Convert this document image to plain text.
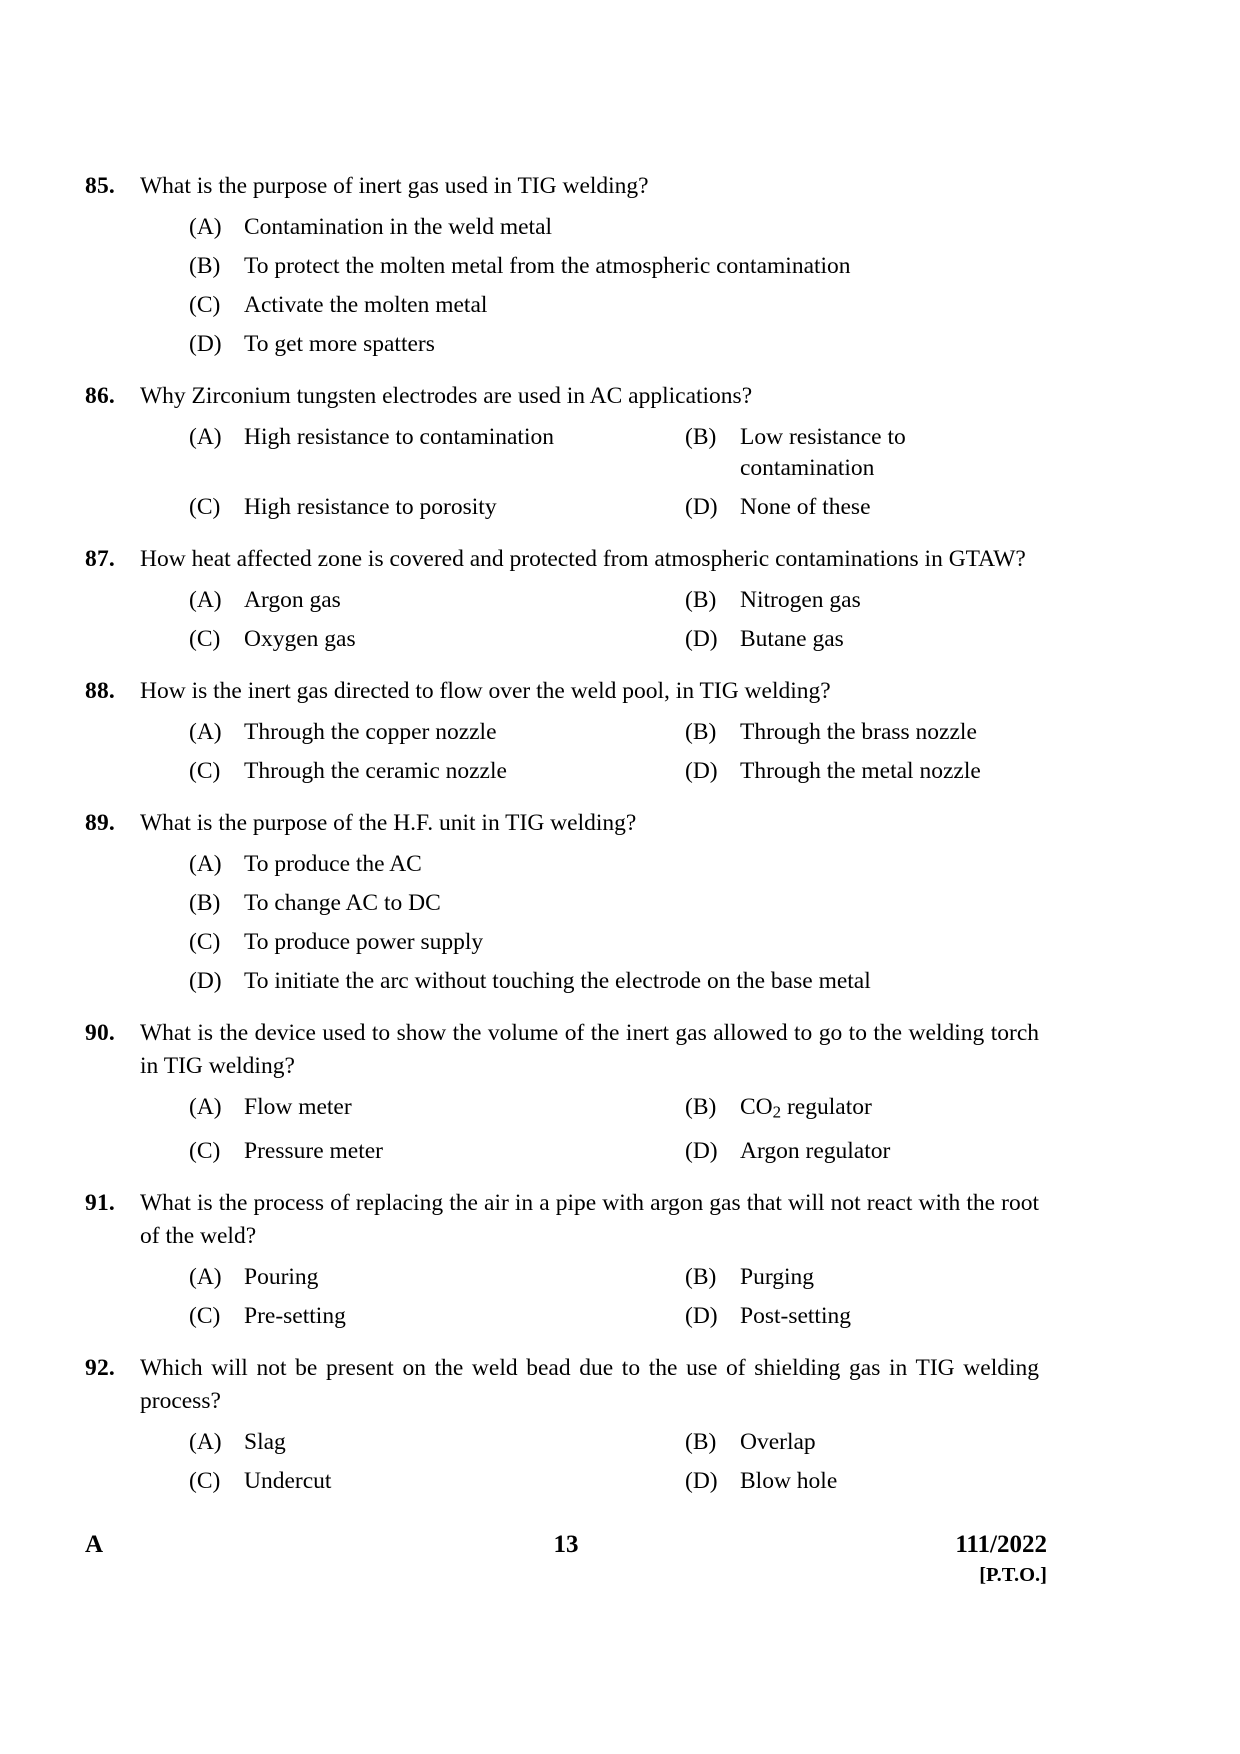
85.	What is the purpose of inert gas used in TIG welding?
(A) Contamination in the weld metal
(B)	To protect the molten metal from the atmospheric contamination
(C)	Activate the molten metal
(D) To get more spatters
86.	Why Zirconium tungsten electrodes are used in AC applications?
(A) High resistance to contamination	(B)	Low resistance to contamination
(C)	High resistance to porosity	(D) None of these
87.	How heat affected zone is covered and protected from atmospheric contaminations in GTAW?
(A) Argon gas	(B)	Nitrogen gas
(C)	Oxygen gas	(D) Butane gas
88.	How is the inert gas directed to flow over the weld pool, in TIG welding?
(A) Through the copper nozzle	(B)	Through the brass nozzle
(C)	Through the ceramic nozzle	(D) Through the metal nozzle
89.	What is the purpose of the H.F. unit in TIG welding?
(A) To produce the AC
(B)	To change AC to DC
(C)	To produce power supply
(D) To initiate the arc without touching the electrode on the base metal
90.	What is the device used to show the volume of the inert gas allowed to go to the welding torch in TIG welding?
(A) Flow meter	(B)	$CO_2$ regulator
(C)	Pressure meter	(D) Argon regulator
91.	What is the process of replacing the air in a pipe with argon gas that will not react with the root of the weld?
(A) Pouring	(B)	Purging
(C)	Pre-setting	(D) Post-setting
92.	Which will not be present on the weld bead due to the use of shielding gas in TIG welding process?
(A) Slag	(B)	Overlap
(C)	Undercut	(D) Blow hole
A	13	111/2022
[P.T.O.]
